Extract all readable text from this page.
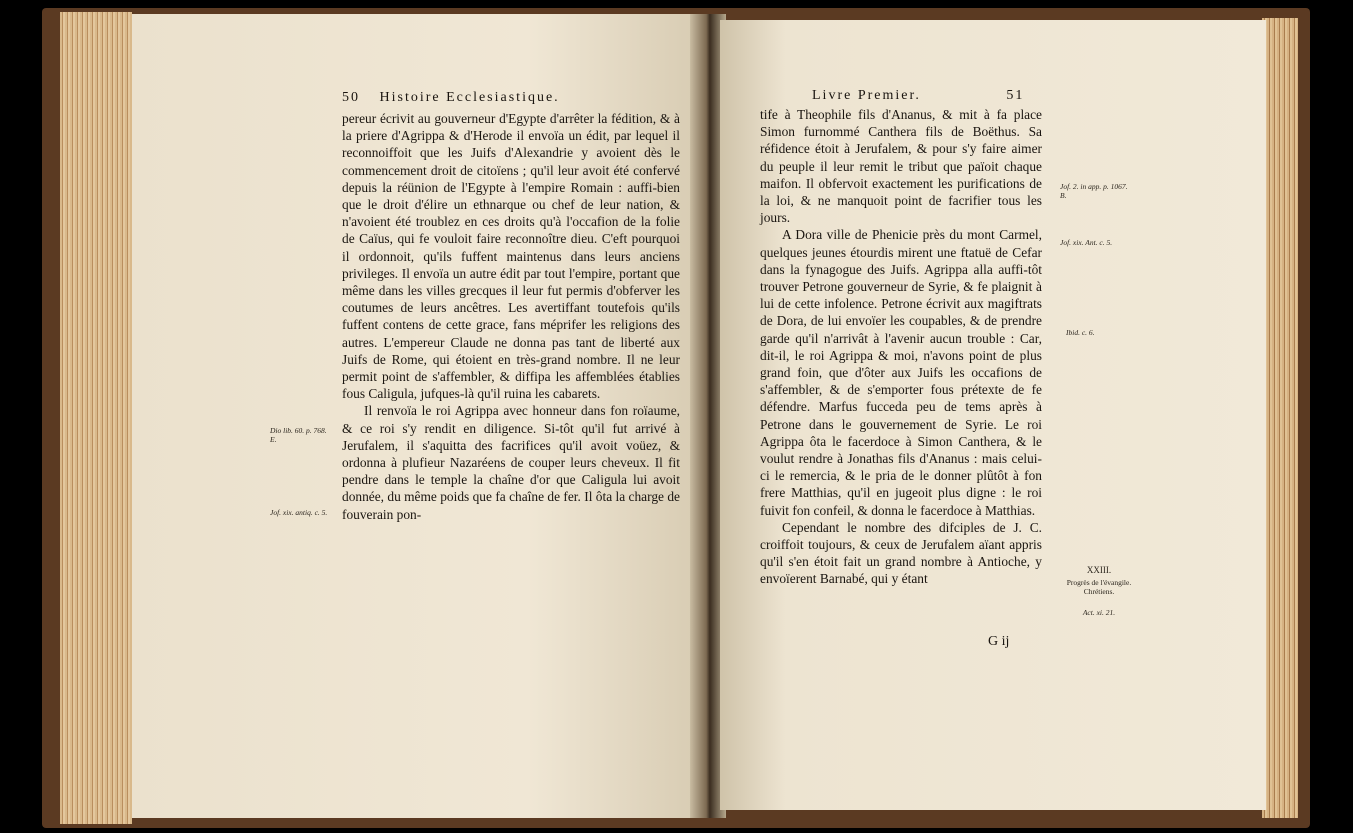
50 Histoire Ecclesiastique.

pereur écrivit au gouverneur d'Egypte d'arrêter la fédition, & à la priere d'Agrippa & d'Herode il envoïa un édit, par lequel il reconnoiffoit que les Juifs d'Alexandrie y avoient dès le commencement droit de citoïens ; qu'il leur avoit été confervé depuis la réünion de l'Egypte à l'empire Romain : auffi-bien que le droit d'élire un ethnarque ou chef de leur nation, & n'avoient été troublez en ces droits qu'à l'occafion de la folie de Caïus, qui fe vouloit faire reconnoître dieu. C'eft pourquoi il ordonnoit, qu'ils fuffent maintenus dans leurs anciens privileges. Il envoïa un autre édit par tout l'empire, portant que même dans les villes grecques il leur fut permis d'obferver les coutumes de leurs ancêtres. Les avertiffant toutefois qu'ils fuffent contens de cette grace, fans méprifer les religions des autres. L'empereur Claude ne donna pas tant de liberté aux Juifs de Rome, qui étoient en très-grand nombre. Il ne leur permit point de s'affembler, & diffipa les affemblées établies fous Caligula, jufques-là qu'il ruina les cabarets.

Il renvoïa le roi Agrippa avec honneur dans fon roïaume, & ce roi s'y rendit en diligence. Si-tôt qu'il fut arrivé à Jerufalem, il s'aquitta des facrifices qu'il avoit voüez, & ordonna à plufieur Nazaréens de couper leurs cheveux. Il fit pendre dans le temple la chaîne d'or que Caligula lui avoit donnée, du même poids que fa chaîne de fer. Il ôta la charge de fouverain pon-

Dio lib. 60. p. 768. E.
Jof. xix. antiq. c. 5.
Livre Premier.	51

tife à Theophile fils d'Ananus, & mit à fa place Simon furnommé Canthera fils de Boëthus. Sa réfidence étoit à Jerufalem, & pour s'y faire aimer du peuple il leur remit le tribut que païoit chaque maifon. Il obfervoit exactement les purifications de la loi, & ne manquoit point de facrifier tous les jours.

A Dora ville de Phenicie près du mont Carmel, quelques jeunes étourdis mirent une ftatuë de Cefar dans la fynagogue des Juifs. Agrippa alla auffi-tôt trouver Petrone gouverneur de Syrie, & fe plaignit à lui de cette infolence. Petrone écrivit aux magiftrats de Dora, de lui envoïer les coupables, & de prendre garde qu'il n'arrivât à l'avenir aucun trouble : Car, dit-il, le roi Agrippa & moi, n'avons point de plus grand foin, que d'ôter aux Juifs les occafions de s'affembler, & de s'emporter fous prétexte de fe défendre. Marfus fucceda peu de tems après à Petrone dans le gouvernement de Syrie. Le roi Agrippa ôta le facerdoce à Simon Canthera, & le voulut rendre à Jonathas fils d'Ananus : mais celui-ci le remercia, & le pria de le donner plûtôt à fon frere Matthias, qu'il en jugeoit plus digne : le roi fuivit fon confeil, & donna le facerdoce à Matthias.

Cependant le nombre des difciples de J. C. croiffoit toujours, & ceux de Jerufalem aïant appris qu'il s'en étoit fait un grand nombre à Antioche, y envoïerent Barnabé, qui y étant

Jof. 2. in app. p. 1067. B.
Jof. xix. Ant. c. 5.
Ibid. c. 6.
XXIII.
Progrès de l'évangile. Chrétiens.
Act. xi. 21.
G ij
